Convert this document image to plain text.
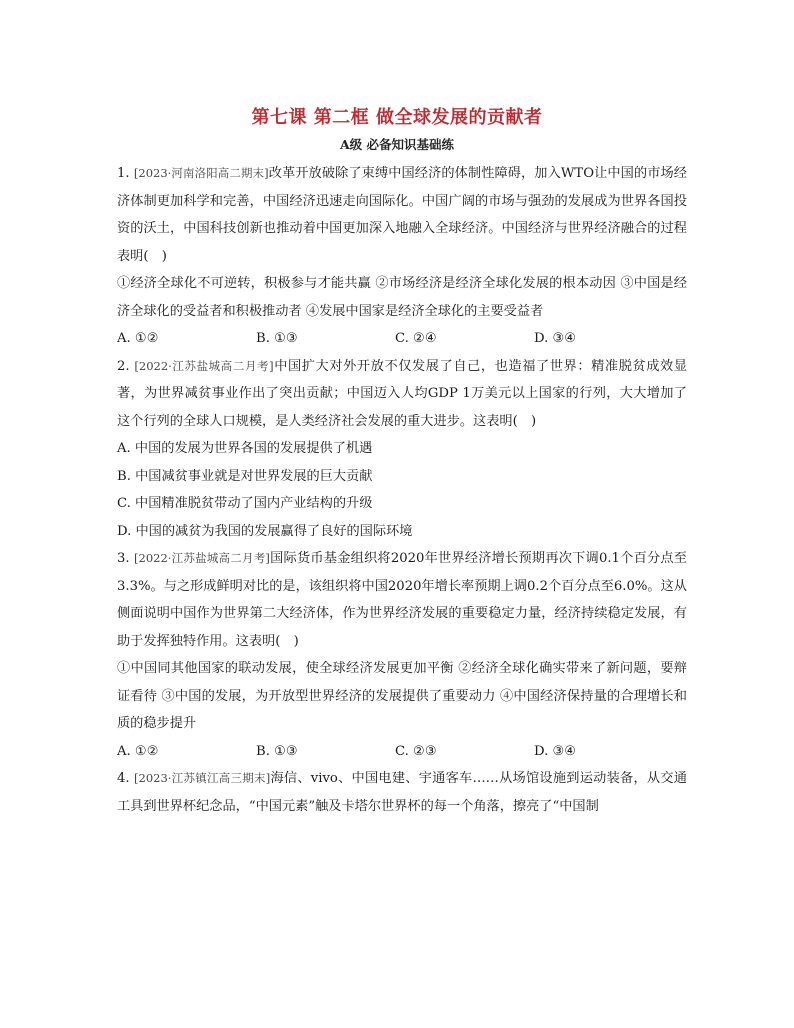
第七课 第二框 做全球发展的贡献者
A级 必备知识基础练

1. [2023·河南洛阳高二期末]改革开放破除了束缚中国经济的体制性障碍，加入WTO让中国的市场经济体制更加科学和完善，中国经济迅速走向国际化。中国广阔的市场与强劲的发展成为世界各国投资的沃土，中国科技创新也推动着中国更加深入地融入全球经济。中国经济与世界经济融合的过程表明(　)

①经济全球化不可逆转，积极参与才能共赢 ②市场经济是经济全球化发展的根本动因 ③中国是经济全球化的受益者和积极推动者 ④发展中国家是经济全球化的主要受益者

A. ①②	B. ①③	C. ②④	D. ③④

2. [2022·江苏盐城高二月考]中国扩大对外开放不仅发展了自己，也造福了世界：精准脱贫成效显著，为世界减贫事业作出了突出贡献；中国迈入人均GDP 1万美元以上国家的行列，大大增加了这个行列的全球人口规模，是人类经济社会发展的重大进步。这表明(　)

A. 中国的发展为世界各国的发展提供了机遇

B. 中国减贫事业就是对世界发展的巨大贡献

C. 中国精准脱贫带动了国内产业结构的升级

D. 中国的减贫为我国的发展赢得了良好的国际环境

3. [2022·江苏盐城高二月考]国际货币基金组织将2020年世界经济增长预期再次下调0.1个百分点至3.3%。与之形成鲜明对比的是，该组织将中国2020年增长率预期上调0.2个百分点至6.0%。这从侧面说明中国作为世界第二大经济体，作为世界经济发展的重要稳定力量，经济持续稳定发展，有助于发挥独特作用。这表明(　)

①中国同其他国家的联动发展，使全球经济发展更加平衡 ②经济全球化确实带来了新问题，要辩证看待 ③中国的发展，为开放型世界经济的发展提供了重要动力 ④中国经济保持量的合理增长和质的稳步提升

A. ①②	B. ①③	C. ②③	D. ③④

4. [2023·江苏镇江高三期末]海信、vivo、中国电建、宇通客车……从场馆设施到运动装备，从交通工具到世界杯纪念品，“中国元素”触及卡塔尔世界杯的每一个角落，擦亮了“中国制
